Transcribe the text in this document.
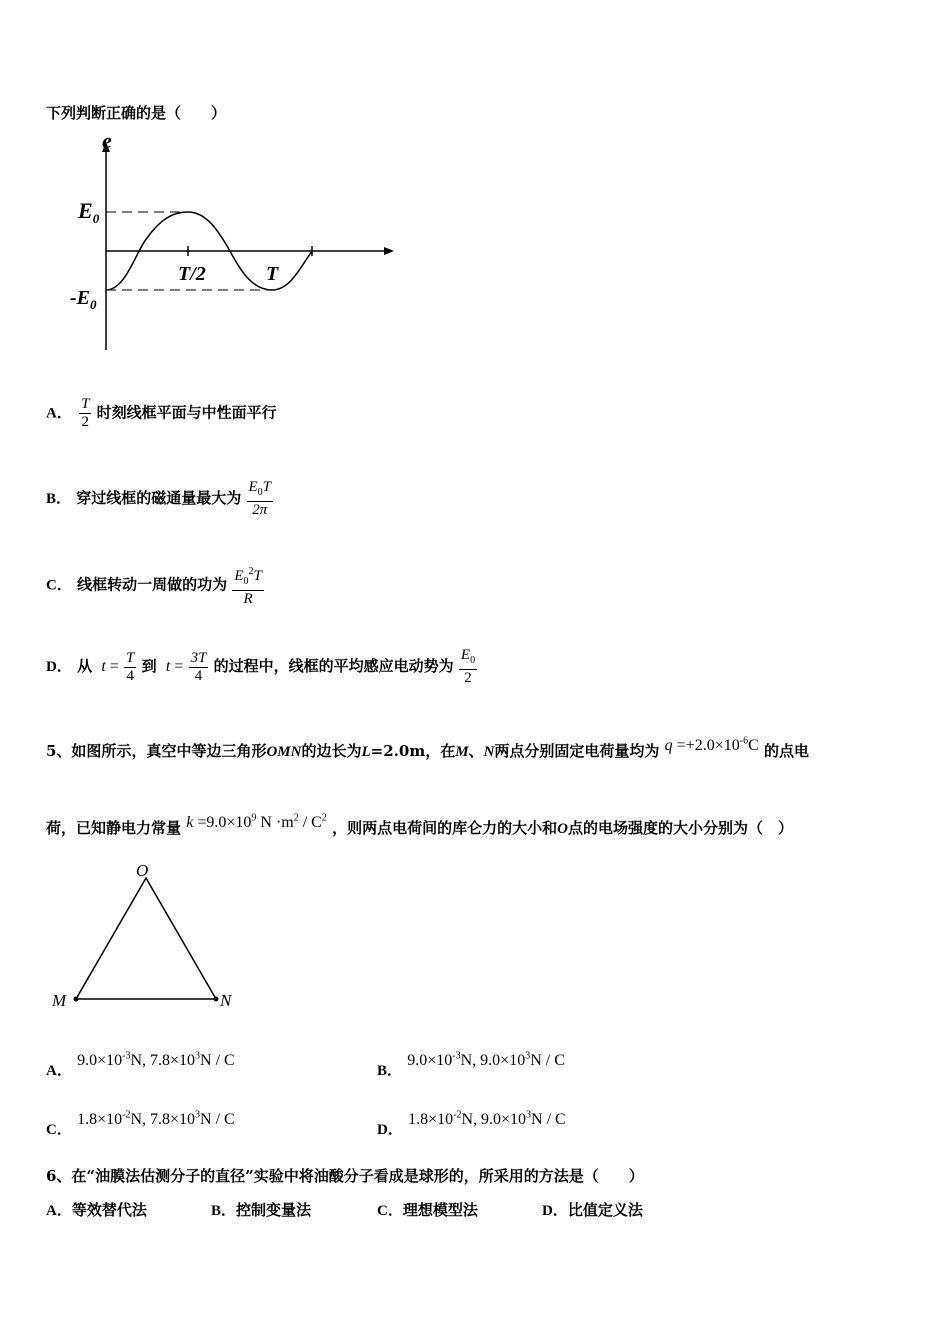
下列判断正确的是（　　）
e
$E_0$
$-E_0$
T/2	T
A． $\frac{T}{2}$ 时刻线框平面与中性面平行
B． 穿过线框的磁通量最大为 $\frac{E_0T}{2\pi}$
C． 线框转动一周做的功为 $\frac{E_0^2T}{R}$
D． 从 $t = \frac{T}{4}$ 到 $t = \frac{3T}{4}$ 的过程中，线框的平均感应电动势为 $\frac{E_0}{2}$
5、如图所示，真空中等边三角形OMN的边长为L=2.0m，在M、N两点分别固定电荷量均为 $q =+2.0\times 10^{-6}C$ 的点电
荷，已知静电力常量 $k =9.0\times 10^9$ $N \cdot m^2 / C^2$ ，则两点电荷间的库仑力的大小和O点的电场强度的大小分别为（　）
O
M	N
A． $9.0\times 10^{-3}N$, $7.8\times 10^3N / C$
B． $9.0\times 10^{-3}N$, $9.0\times 10^3N / C$
C． $1.8\times 10^{-2}N$, $7.8\times 10^3N / C$
D． $1.8\times 10^{-2}N$, $9.0\times 10^3N / C$
6、在“油膜法估测分子的直径”实验中将油酸分子看成是球形的，所采用的方法是（　　）
A．等效替代法	B．控制变量法	C．理想模型法	D．比值定义法
